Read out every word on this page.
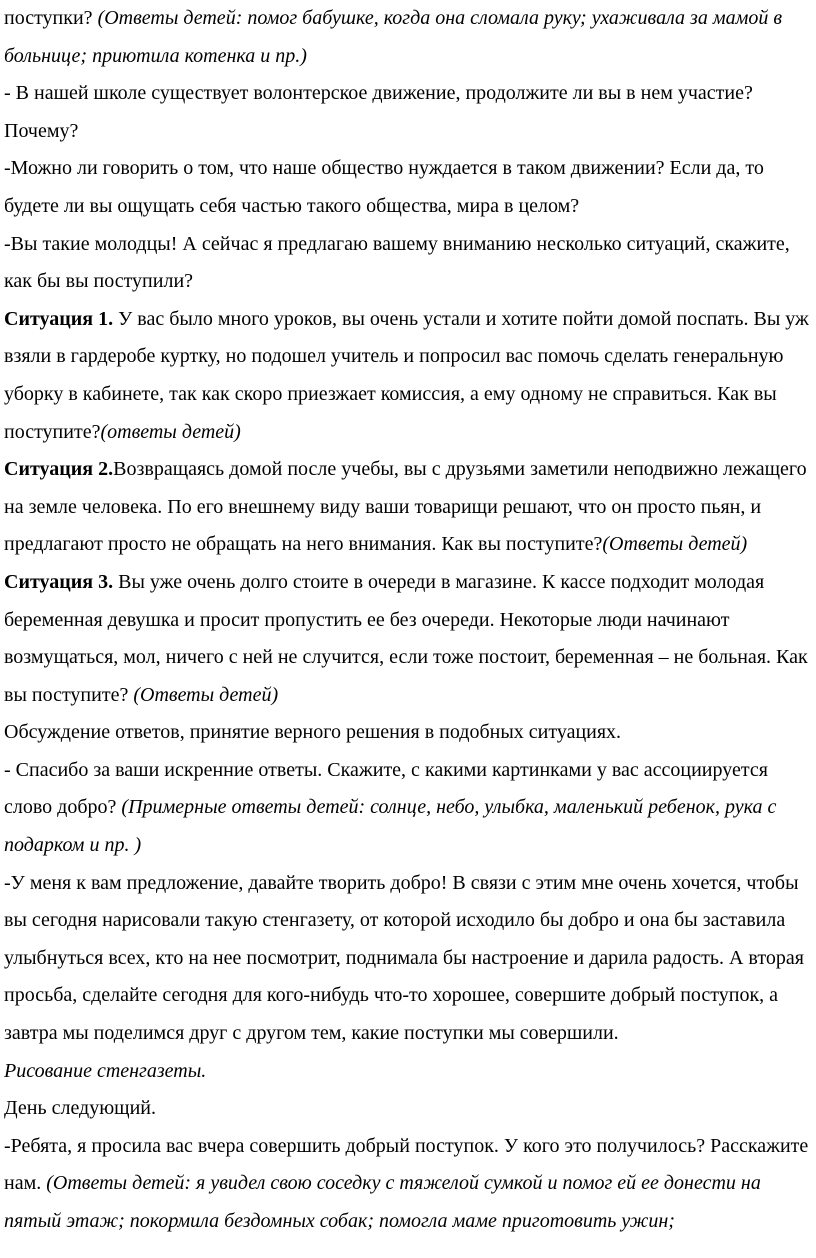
поступки? (Ответы детей: помог бабушке, когда она сломала руку; ухаживала за мамой в больнице; приютила котенка и пр.)

- В нашей школе существует волонтерское движение, продолжите ли вы в нем участие? Почему?

-Можно ли говорить о том, что наше общество нуждается в таком движении? Если да, то будете ли вы ощущать себя частью такого общества, мира в целом?

-Вы такие молодцы! А сейчас я предлагаю вашему вниманию несколько ситуаций, скажите, как бы вы поступили?

Ситуация 1. У вас было много уроков, вы очень устали и хотите пойти домой поспать. Вы уж взяли в гардеробе куртку, но подошел учитель и попросил вас помочь сделать генеральную уборку в кабинете, так как скоро приезжает комиссия, а ему одному не справиться. Как вы поступите?(ответы детей)

Ситуация 2.Возвращаясь домой после учебы, вы с друзьями заметили неподвижно лежащего на земле человека. По его внешнему виду ваши товарищи решают, что он просто пьян, и предлагают просто не обращать на него внимания. Как вы поступите?(Ответы детей)

Ситуация 3. Вы уже очень долго стоите в очереди в магазине. К кассе подходит молодая беременная девушка и просит пропустить ее без очереди. Некоторые люди начинают возмущаться, мол, ничего с ней не случится, если тоже постоит, беременная – не больная. Как вы поступите? (Ответы детей)

Обсуждение ответов, принятие верного решения в подобных ситуациях.

- Спасибо за ваши искренние ответы. Скажите, с какими картинками у вас ассоциируется слово добро? (Примерные ответы детей: солнце, небо, улыбка, маленький ребенок, рука с подарком и пр. )

-У меня к вам предложение, давайте творить добро! В связи с этим мне очень хочется, чтобы вы сегодня нарисовали такую стенгазету, от которой исходило бы добро и она бы заставила улыбнуться всех, кто на нее посмотрит, поднимала бы настроение и дарила радость. А вторая просьба, сделайте сегодня для кого-нибудь что-то хорошее, совершите добрый поступок, а завтра мы поделимся друг с другом тем, какие поступки мы совершили.

Рисование стенгазеты.

День следующий.

-Ребята, я просила вас вчера совершить добрый поступок. У кого это получилось? Расскажите нам. (Ответы детей: я увидел свою соседку с тяжелой сумкой и помог ей ее донести на пятый этаж; покормила бездомных собак; помогла маме приготовить ужин;
